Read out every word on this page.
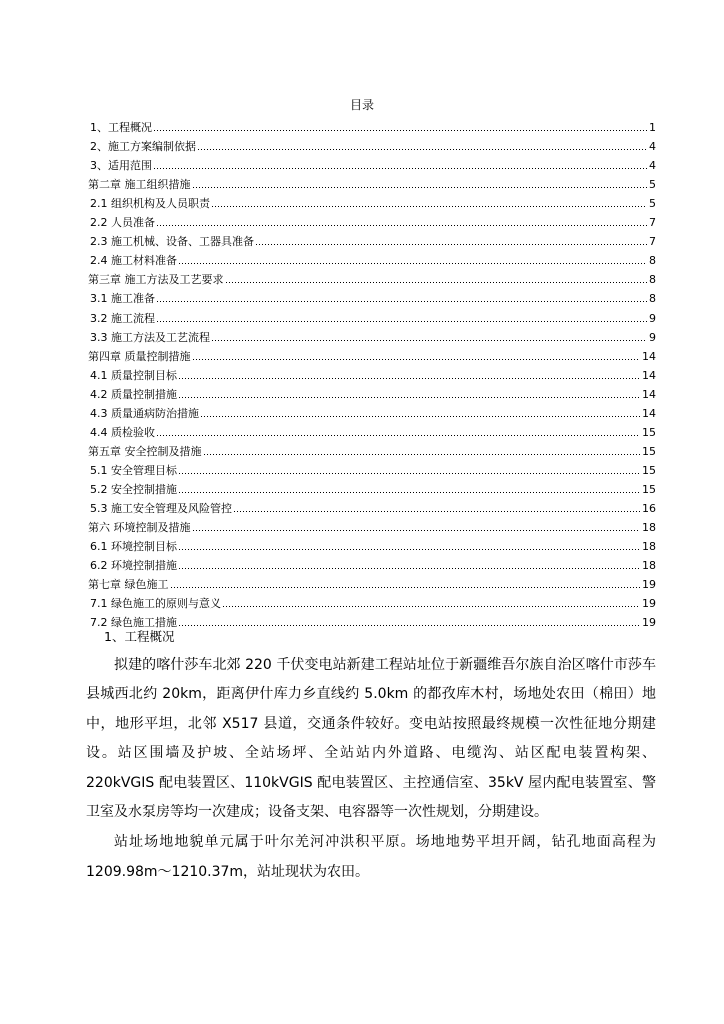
目录
1、工程概况	1
2、施工方案编制依据	4
3、适用范围	4
第二章 施工组织措施	5
2.1 组织机构及人员职责	5
2.2 人员准备	7
2.3 施工机械、设备、工器具准备	7
2.4 施工材料准备	8
第三章 施工方法及工艺要求	8
3.1 施工准备	8
3.2 施工流程	9
3.3 施工方法及工艺流程	9
第四章 质量控制措施	14
4.1 质量控制目标	14
4.2 质量控制措施	14
4.3 质量通病防治措施	14
4.4 质检验收	15
第五章 安全控制及措施	15
5.1 安全管理目标	15
5.2 安全控制措施	15
5.3 施工安全管理及风险管控	16
第六 环境控制及措施	18
6.1 环境控制目标	18
6.2 环境控制措施	18
第七章 绿色施工	19
7.1 绿色施工的原则与意义	19
7.2 绿色施工措施	19
1、工程概况

拟建的喀什莎车北郊 220 千伏变电站新建工程站址位于新疆维吾尔族自治区喀什市莎车县城西北约 20km，距离伊什库力乡直线约 5.0km 的都孜库木村，场地处农田（棉田）地中，地形平坦，北邻 X517 县道，交通条件较好。变电站按照最终规模一次性征地分期建设。站区围墙及护坡、全站场坪、全站站内外道路、电缆沟、站区配电装置构架、220kVGIS 配电装置区、110kVGIS 配电装置区、主控通信室、35kV 屋内配电装置室、警卫室及水泵房等均一次建成；设备支架、电容器等一次性规划，分期建设。

站址场地地貌单元属于叶尔羌河冲洪积平原。场地地势平坦开阔，钻孔地面高程为 1209.98m～1210.37m，站址现状为农田。
